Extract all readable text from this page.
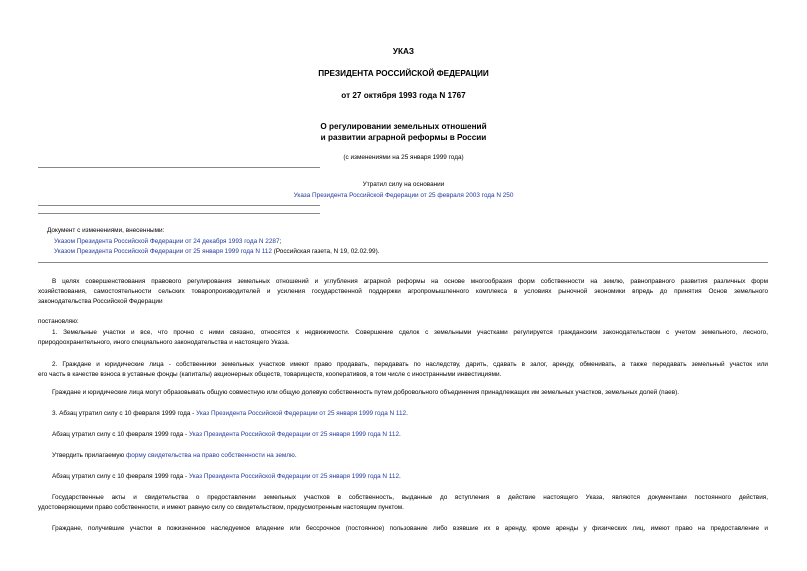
УКАЗ
ПРЕЗИДЕНТА РОССИЙСКОЙ ФЕДЕРАЦИИ
от 27 октября 1993 года N 1767
О регулировании земельных отношений
и развитии аграрной реформы в России
(с изменениями на 25 января 1999 года)
Утратил силу на основании
Указа Президента Российской Федерации от 25 февраля 2003 года N 250
Документ с изменениями, внесенными:
Указом Президента Российской Федерации от 24 декабря 1993 года N 2287;
Указом Президента Российской Федерации от 25 января 1999 года N 112 (Российская газета, N 19, 02.02.99).
В целях совершенствования правового регулирования земельных отношений и углубления аграрной реформы на основе многообразия форм собственности на землю, равноправного развития различных форм
хозяйствования, самостоятельности сельских товаропроизводителей и усиления государственной поддержки агропромышленного комплекса в условиях рыночной экономики впредь до принятия Основ земельного
законодательства Российской Федерации
постановляю:
1. Земельные участки и все, что прочно с ними связано, относятся к недвижимости. Совершение сделок с земельными участками регулируется гражданским законодательством с учетом земельного, лесного,
природоохранительного, иного специального законодательства и настоящего Указа.
2. Граждане и юридические лица - собственники земельных участков имеют право продавать, передавать по наследству, дарить, сдавать в залог, аренду, обменивать, а также передавать земельный участок или
его часть в качестве взноса в уставные фонды (капиталы) акционерных обществ, товариществ, кооперативов, в том числе с иностранными инвестициями.
Граждане и юридические лица могут образовывать общую совместную или общую долевую собственность путем добровольного объединения принадлежащих им земельных участков, земельных долей (паев).
3. Абзац утратил силу с 10 февраля 1999 года - Указ Президента Российской Федерации от 25 января 1999 года N 112.
Абзац утратил силу с 10 февраля 1999 года - Указ Президента Российской Федерации от 25 января 1999 года N 112.
Утвердить прилагаемую форму свидетельства на право собственности на землю.
Абзац утратил силу с 10 февраля 1999 года - Указ Президента Российской Федерации от 25 января 1999 года N 112.
Государственные акты и свидетельства о предоставлении земельных участков в собственность, выданные до вступления в действие настоящего Указа, являются документами постоянного действия,
удостоверяющими право собственности, и имеют равную силу со свидетельством, предусмотренным настоящим пунктом.
Граждане, получившие участки в пожизненное наследуемое владение или бессрочное (постоянное) пользование либо взявшие их в аренду, кроме аренды у физических лиц, имеют право на предоставление и
